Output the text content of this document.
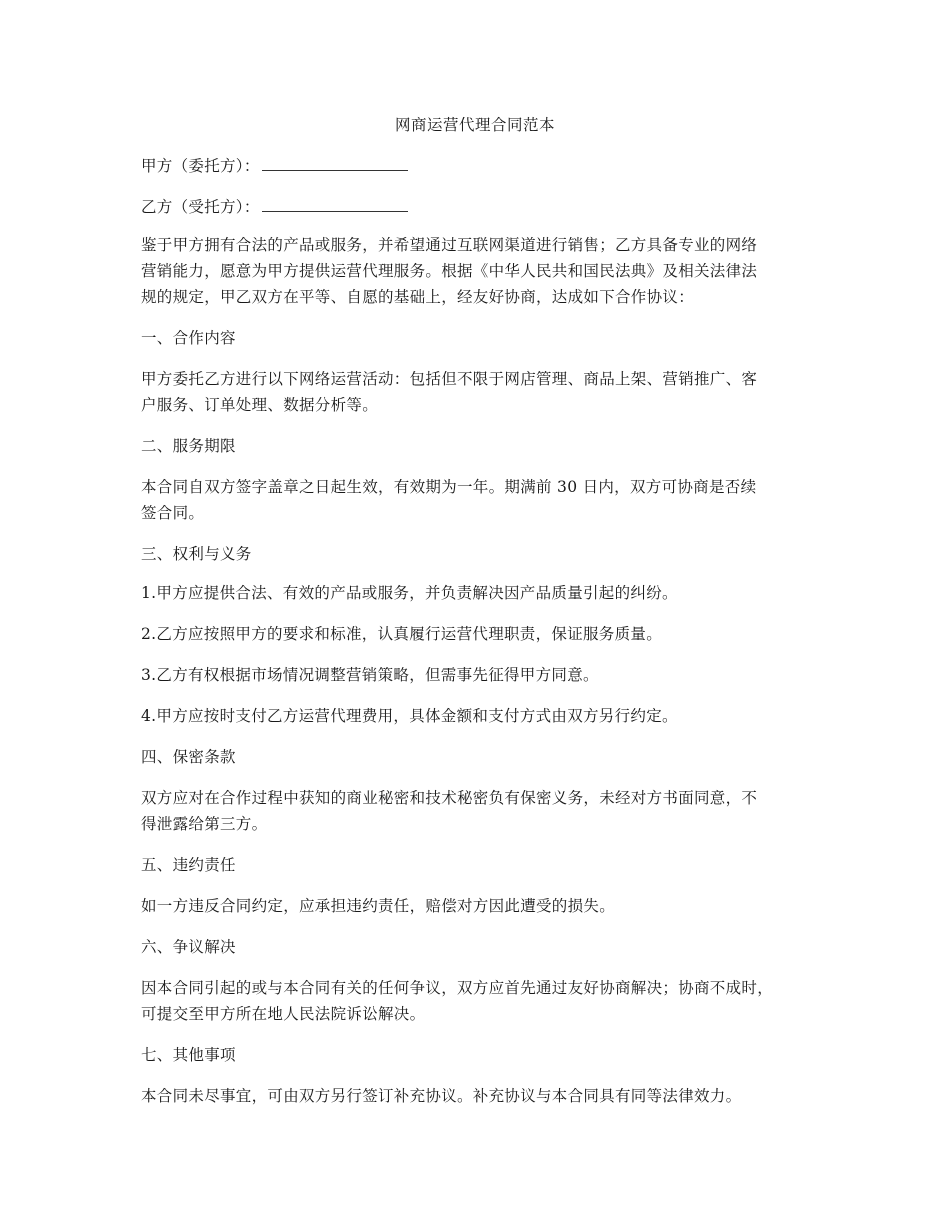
网商运营代理合同范本
甲方（委托方）：
乙方（受托方）：
鉴于甲方拥有合法的产品或服务，并希望通过互联网渠道进行销售；乙方具备专业的网络
营销能力，愿意为甲方提供运营代理服务。根据《中华人民共和国民法典》及相关法律法
规的规定，甲乙双方在平等、自愿的基础上，经友好协商，达成如下合作协议：
一、合作内容
甲方委托乙方进行以下网络运营活动：包括但不限于网店管理、商品上架、营销推广、客
户服务、订单处理、数据分析等。
二、服务期限
本合同自双方签字盖章之日起生效，有效期为一年。期满前 30 日内，双方可协商是否续
签合同。
三、权利与义务
1.甲方应提供合法、有效的产品或服务，并负责解决因产品质量引起的纠纷。
2.乙方应按照甲方的要求和标准，认真履行运营代理职责，保证服务质量。
3.乙方有权根据市场情况调整营销策略，但需事先征得甲方同意。
4.甲方应按时支付乙方运营代理费用，具体金额和支付方式由双方另行约定。
四、保密条款
双方应对在合作过程中获知的商业秘密和技术秘密负有保密义务，未经对方书面同意，不
得泄露给第三方。
五、违约责任
如一方违反合同约定，应承担违约责任，赔偿对方因此遭受的损失。
六、争议解决
因本合同引起的或与本合同有关的任何争议，双方应首先通过友好协商解决；协商不成时，
可提交至甲方所在地人民法院诉讼解决。
七、其他事项
本合同未尽事宜，可由双方另行签订补充协议。补充协议与本合同具有同等法律效力。
